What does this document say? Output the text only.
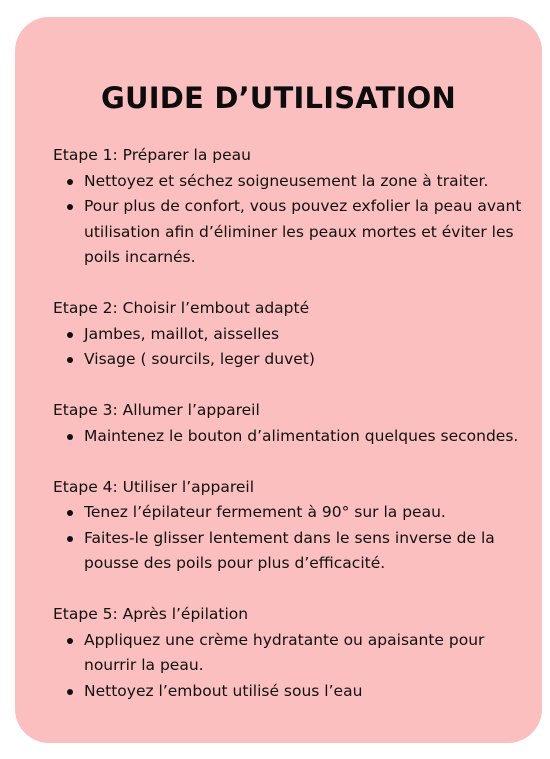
GUIDE D’UTILISATION

Etape 1: Préparer la peau

Nettoyez et séchez soigneusement la zone à traiter.
Pour plus de confort, vous pouvez exfolier la peau avant utilisation afin d’éliminer les peaux mortes et éviter les poils incarnés.

Etape 2: Choisir l’embout adapté

Jambes, maillot, aisselles
Visage ( sourcils, leger duvet)

Etape 3: Allumer l’appareil

Maintenez le bouton d’alimentation quelques secondes.

Etape 4: Utiliser l’appareil

Tenez l’épilateur fermement à 90° sur la peau.
Faites-le glisser lentement dans le sens inverse de la pousse des poils pour plus d’efficacité.

Etape 5: Après l’épilation

Appliquez une crème hydratante ou apaisante pour nourrir la peau.
Nettoyez l’embout utilisé sous l’eau
